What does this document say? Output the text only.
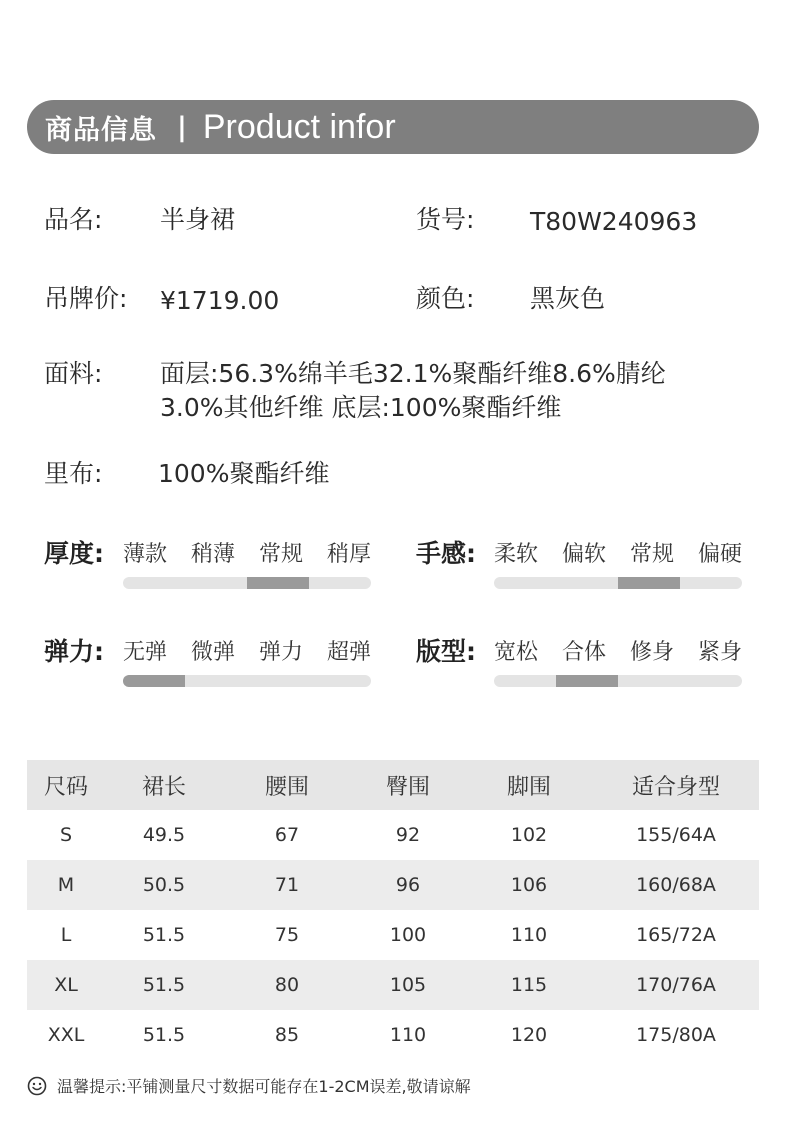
商品信息 | Product infor
品名: 半身裙	货号: T80W240963
吊牌价: ¥1719.00	颜色: 黑灰色
面料: 面层:56.3%绵羊毛32.1%聚酯纤维8.6%腈纶
3.0%其他纤维 底层:100%聚酯纤维
里布: 100%聚酯纤维
厚度: 薄款 稍薄 常规 稍厚 手感: 柔软 偏软 常规 偏硬
弹力: 无弹 微弹 弹力 超弹 版型: 宽松 合体 修身 紧身
尺码	裙长	腰围	臀围	脚围	适合身型
S	49.5	67	92	102	155/64A
M	50.5	71	96	106	160/68A
L	51.5	75	100	110	165/72A
XL	51.5	80	105	115	170/76A
XXL	51.5	85	110	120	175/80A
温馨提示:平铺测量尺寸数据可能存在1-2CM误差,敬请谅解
